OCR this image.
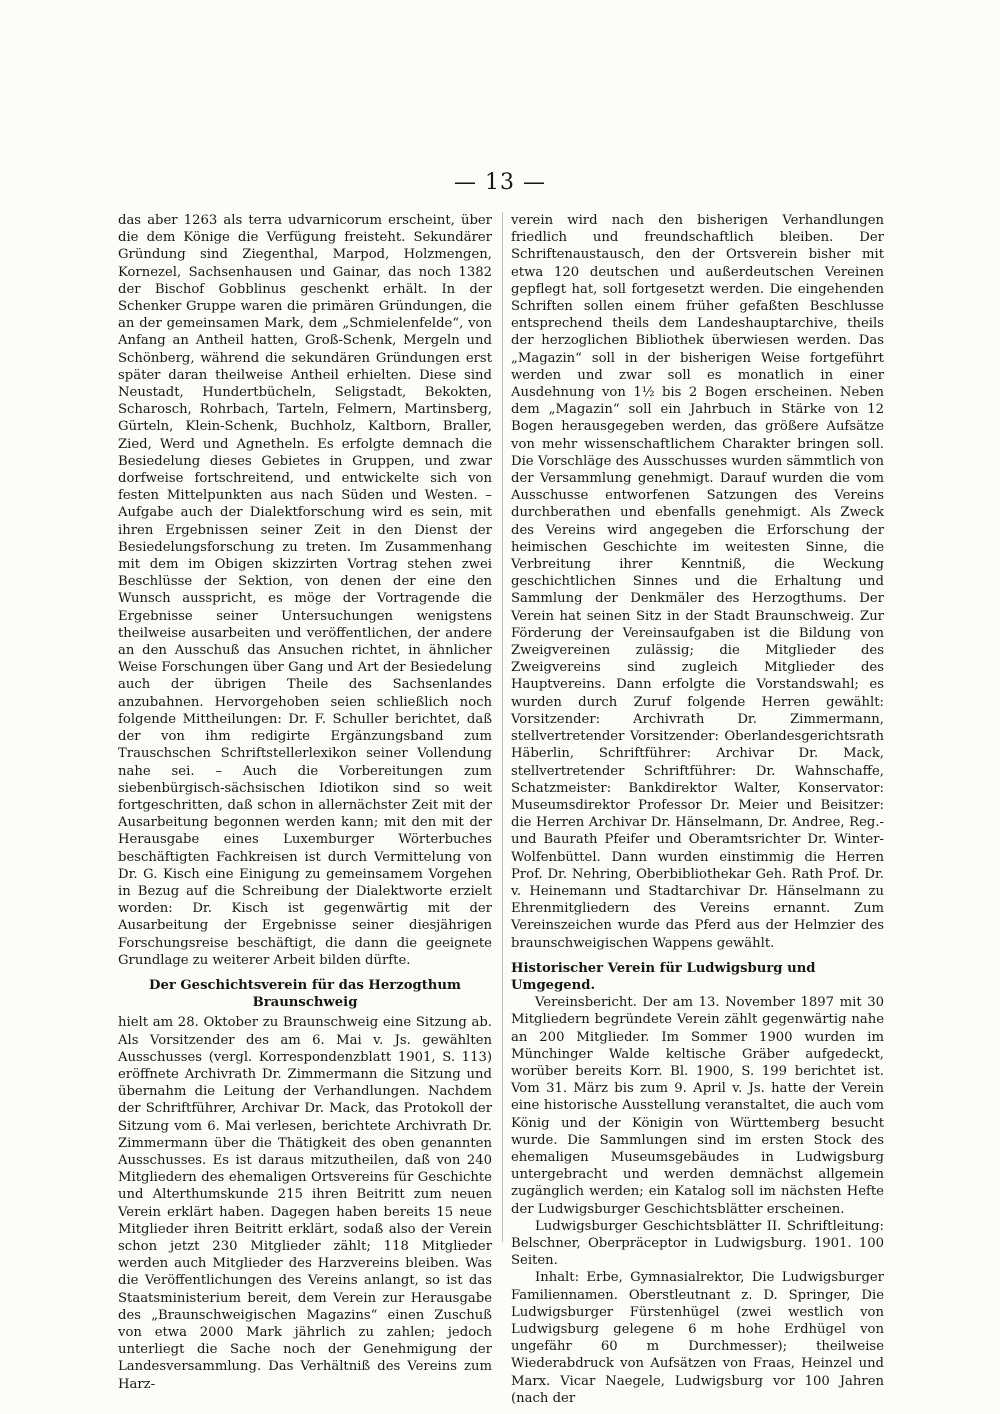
— 13 —

das aber 1263 als terra udvarnicorum erscheint, über die dem Könige die Verfügung freisteht. Sekundärer Gründung sind Ziegenthal, Marpod, Holzmengen, Kornezel, Sachsenhausen und Gainar, das noch 1382 der Bischof Gobblinus geschenkt erhält. In der Schenker Gruppe waren die primären Gründungen, die an der gemeinsamen Mark, dem „Schmielenfelde“, von Anfang an Antheil hatten, Groß-Schenk, Mergeln und Schönberg, während die sekundären Gründungen erst später daran theilweise Antheil erhielten. Diese sind Neustadt, Hundertbücheln, Seligstadt, Bekokten, Scharosch, Rohrbach, Tarteln, Felmern, Martinsberg, Gürteln, Klein-Schenk, Buchholz, Kaltborn, Braller, Zied, Werd und Agnetheln. Es erfolgte demnach die Besiedelung dieses Gebietes in Gruppen, und zwar dorfweise fortschreitend, und entwickelte sich von festen Mittelpunkten aus nach Süden und Westen. – Aufgabe auch der Dialektforschung wird es sein, mit ihren Ergebnissen seiner Zeit in den Dienst der Besiedelungsforschung zu treten. Im Zusammenhang mit dem im Obigen skizzirten Vortrag stehen zwei Beschlüsse der Sektion, von denen der eine den Wunsch ausspricht, es möge der Vortragende die Ergebnisse seiner Untersuchungen wenigstens theilweise ausarbeiten und veröffentlichen, der andere an den Ausschuß das Ansuchen richtet, in ähnlicher Weise Forschungen über Gang und Art der Besiedelung auch der übrigen Theile des Sachsenlandes anzubahnen. Hervorgehoben seien schließlich noch folgende Mittheilungen: Dr. F. Schuller berichtet, daß der von ihm redigirte Ergänzungsband zum Trauschschen Schriftstellerlexikon seiner Vollendung nahe sei. – Auch die Vorbereitungen zum siebenbürgisch-sächsischen Idiotikon sind so weit fortgeschritten, daß schon in allernächster Zeit mit der Ausarbeitung begonnen werden kann; mit den mit der Herausgabe eines Luxemburger Wörterbuches beschäftigten Fachkreisen ist durch Vermittelung von Dr. G. Kisch eine Einigung zu gemeinsamem Vorgehen in Bezug auf die Schreibung der Dialektworte erzielt worden: Dr. Kisch ist gegenwärtig mit der Ausarbeitung der Ergebnisse seiner diesjährigen Forschungsreise beschäftigt, die dann die geeignete Grundlage zu weiterer Arbeit bilden dürfte.

Der Geschichtsverein für das Herzogthum Braunschweig

hielt am 28. Oktober zu Braunschweig eine Sitzung ab. Als Vorsitzender des am 6. Mai v. Js. gewählten Ausschusses (vergl. Korrespondenzblatt 1901, S. 113) eröffnete Archivrath Dr. Zimmermann die Sitzung und übernahm die Leitung der Verhandlungen. Nachdem der Schriftführer, Archivar Dr. Mack, das Protokoll der Sitzung vom 6. Mai verlesen, berichtete Archivrath Dr. Zimmermann über die Thätigkeit des oben genannten Ausschusses. Es ist daraus mitzutheilen, daß von 240 Mitgliedern des ehemaligen Ortsvereins für Geschichte und Alterthumskunde 215 ihren Beitritt zum neuen Verein erklärt haben. Dagegen haben bereits 15 neue Mitglieder ihren Beitritt erklärt, sodaß also der Verein schon jetzt 230 Mitglieder zählt; 118 Mitglieder werden auch Mitglieder des Harzvereins bleiben. Was die Veröffentlichungen des Vereins anlangt, so ist das Staatsministerium bereit, dem Verein zur Herausgabe des „Braunschweigischen Magazins“ einen Zuschuß von etwa 2000 Mark jährlich zu zahlen; jedoch unterliegt die Sache noch der Genehmigung der Landesversammlung. Das Verhältniß des Vereins zum Harz-

verein wird nach den bisherigen Verhandlungen friedlich und freundschaftlich bleiben. Der Schriftenaustausch, den der Ortsverein bisher mit etwa 120 deutschen und außerdeutschen Vereinen gepflegt hat, soll fortgesetzt werden. Die eingehenden Schriften sollen einem früher gefaßten Beschlusse entsprechend theils dem Landeshauptarchive, theils der herzoglichen Bibliothek überwiesen werden. Das „Magazin“ soll in der bisherigen Weise fortgeführt werden und zwar soll es monatlich in einer Ausdehnung von 1½ bis 2 Bogen erscheinen. Neben dem „Magazin“ soll ein Jahrbuch in Stärke von 12 Bogen herausgegeben werden, das größere Aufsätze von mehr wissenschaftlichem Charakter bringen soll. Die Vorschläge des Ausschusses wurden sämmtlich von der Versammlung genehmigt. Darauf wurden die vom Ausschusse entworfenen Satzungen des Vereins durchberathen und ebenfalls genehmigt. Als Zweck des Vereins wird angegeben die Erforschung der heimischen Geschichte im weitesten Sinne, die Verbreitung ihrer Kenntniß, die Weckung geschichtlichen Sinnes und die Erhaltung und Sammlung der Denkmäler des Herzogthums. Der Verein hat seinen Sitz in der Stadt Braunschweig. Zur Förderung der Vereinsaufgaben ist die Bildung von Zweigvereinen zulässig; die Mitglieder des Zweigvereins sind zugleich Mitglieder des Hauptvereins. Dann erfolgte die Vorstandswahl; es wurden durch Zuruf folgende Herren gewählt: Vorsitzender: Archivrath Dr. Zimmermann, stellvertretender Vorsitzender: Oberlandesgerichtsrath Häberlin, Schriftführer: Archivar Dr. Mack, stellvertretender Schriftführer: Dr. Wahnschaffe, Schatzmeister: Bankdirektor Walter, Konservator: Museumsdirektor Professor Dr. Meier und Beisitzer: die Herren Archivar Dr. Hänselmann, Dr. Andree, Reg.- und Baurath Pfeifer und Oberamtsrichter Dr. Winter-Wolfenbüttel. Dann wurden einstimmig die Herren Prof. Dr. Nehring, Oberbibliothekar Geh. Rath Prof. Dr. v. Heinemann und Stadtarchivar Dr. Hänselmann zu Ehrenmitgliedern des Vereins ernannt. Zum Vereinszeichen wurde das Pferd aus der Helmzier des braunschweigischen Wappens gewählt.

Historischer Verein für Ludwigsburg und Umgegend.

Vereinsbericht. Der am 13. November 1897 mit 30 Mitgliedern begründete Verein zählt gegenwärtig nahe an 200 Mitglieder. Im Sommer 1900 wurden im Münchinger Walde keltische Gräber aufgedeckt, worüber bereits Korr. Bl. 1900, S. 199 berichtet ist. Vom 31. März bis zum 9. April v. Js. hatte der Verein eine historische Ausstellung veranstaltet, die auch vom König und der Königin von Württemberg besucht wurde. Die Sammlungen sind im ersten Stock des ehemaligen Museumsgebäudes in Ludwigsburg untergebracht und werden demnächst allgemein zugänglich werden; ein Katalog soll im nächsten Hefte der Ludwigsburger Geschichtsblätter erscheinen.

Ludwigsburger Geschichtsblätter II. Schriftleitung: Belschner, Oberpräceptor in Ludwigsburg. 1901. 100 Seiten.

Inhalt: Erbe, Gymnasialrektor, Die Ludwigsburger Familiennamen. Oberstleutnant z. D. Springer, Die Ludwigsburger Fürstenhügel (zwei westlich von Ludwigsburg gelegene 6 m hohe Erdhügel von ungefähr 60 m Durchmesser); theilweise Wiederabdruck von Aufsätzen von Fraas, Heinzel und Marx. Vicar Naegele, Ludwigsburg vor 100 Jahren (nach der
